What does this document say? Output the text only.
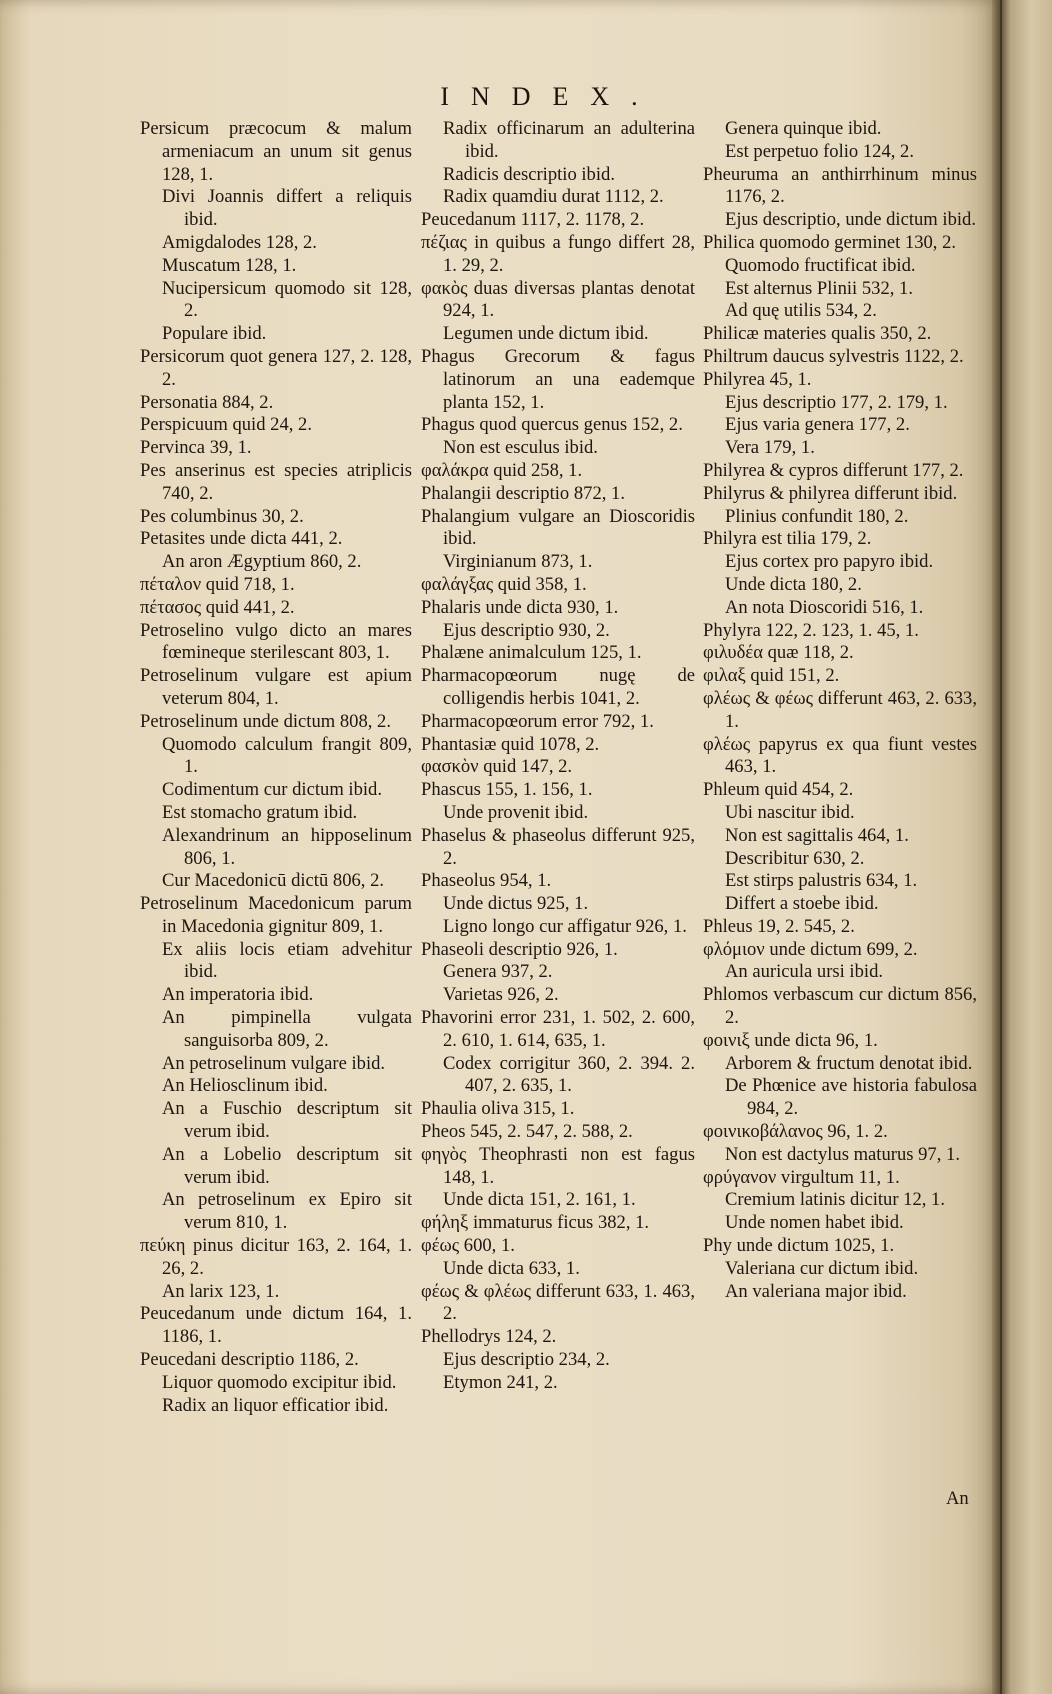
INDEX.
Persicum præcocum & malum armeniacum an unum sit genus 128, 1.
Divi Joannis differt a reliquis ibid.
Amigdalodes 128, 2.
Muscatum 128, 1.
Nucipersicum quomodo sit 128, 2.
Populare ibid.
Persicorum quot genera 127, 2. 128, 2.
Personatia 884, 2.
Perspicuum quid 24, 2.
Pervinca 39, 1.
Pes anserinus est species atriplicis 740, 2.
Pes columbinus 30, 2.
Petasites unde dicta 441, 2.
An aron Ægyptium 860, 2.
πέταλον quid 718, 1.
πέτασος quid 441, 2.
Petroselino vulgo dicto an mares fœmineque sterilescant 803, 1.
Petroselinum vulgare est apium veterum 804, 1.
Petroselinum unde dictum 808, 2.
Quomodo calculum frangit 809, 1.
Codimentum cur dictum ibid.
Est stomacho gratum ibid.
Alexandrinum an hipposelinum 806, 1.
Cur Macedonicū dictū 806, 2.
Petroselinum Macedonicum parum in Macedonia gignitur 809, 1.
Ex aliis locis etiam advehitur ibid.
An imperatoria ibid.
An pimpinella vulgata sanguisorba 809, 2.
An petroselinum vulgare ibid.
An Heliosclinum ibid.
An a Fuschio descriptum sit verum ibid.
An a Lobelio descriptum sit verum ibid.
An petroselinum ex Epiro sit verum 810, 1.
πεύκη pinus dicitur 163, 2. 164, 1. 26, 2.
An larix 123, 1.
Peucedanum unde dictum 164, 1. 1186, 1.
Peucedani descriptio 1186, 2.
Liquor quomodo excipitur ibid.
Radix an liquor efficatior ibid.
Radix officinarum an adulterina ibid.
Radicis descriptio ibid.
Radix quamdiu durat 1112, 2.
Peucedanum 1117, 2. 1178, 2.
πέζιας in quibus a fungo differt 28, 1. 29, 2.
φακὸς duas diversas plantas denotat 924, 1.
Legumen unde dictum ibid.
Phagus Grecorum & fagus latinorum an una eademque planta 152, 1.
Phagus quod quercus genus 152, 2.
Non est esculus ibid.
φαλάκρα quid 258, 1.
Phalangii descriptio 872, 1.
Phalangium vulgare an Dioscoridis ibid.
Virginianum 873, 1.
φαλάγξας quid 358, 1.
Phalaris unde dicta 930, 1.
Ejus descriptio 930, 2.
Phalæne animalculum 125, 1.
Pharmacopœorum nugę de colligendis herbis 1041, 2.
Pharmacopœorum error 792, 1.
Phantasiæ quid 1078, 2.
φασκὸν quid 147, 2.
Phascus 155, 1. 156, 1.
Unde provenit ibid.
Phaselus & phaseolus differunt 925, 2.
Phaseolus 954, 1.
Unde dictus 925, 1.
Ligno longo cur affigatur 926, 1.
Phaseoli descriptio 926, 1.
Genera 937, 2.
Varietas 926, 2.
Phavorini error 231, 1. 502, 2. 600, 2. 610, 1. 614, 635, 1.
Codex corrigitur 360, 2. 394. 2. 407, 2. 635, 1.
Phaulia oliva 315, 1.
Pheos 545, 2. 547, 2. 588, 2.
φηγὸς Theophrasti non est fagus 148, 1.
Unde dicta 151, 2. 161, 1.
φήληξ immaturus ficus 382, 1.
φέως 600, 1.
Unde dicta 633, 1.
φέως & φλέως differunt 633, 1. 463, 2.
Phellodrys 124, 2.
Ejus descriptio 234, 2.
Etymon 241, 2.
Genera quinque ibid.
Est perpetuo folio 124, 2.
Pheuruma an anthirrhinum minus 1176, 2.
Ejus descriptio, unde dictum ibid.
Philica quomodo germinet 130, 2.
Quomodo fructificat ibid.
Est alternus Plinii 532, 1.
Ad quę utilis 534, 2.
Philicæ materies qualis 350, 2.
Philtrum daucus sylvestris 1122, 2.
Philyrea 45, 1.
Ejus descriptio 177, 2. 179, 1.
Ejus varia genera 177, 2.
Vera 179, 1.
Philyrea & cypros differunt 177, 2.
Philyrus & philyrea differunt ibid.
Plinius confundit 180, 2.
Philyra est tilia 179, 2.
Ejus cortex pro papyro ibid.
Unde dicta 180, 2.
An nota Dioscoridi 516, 1.
Phylyra 122, 2. 123, 1. 45, 1.
φιλυδέα quæ 118, 2.
φιλαξ quid 151, 2.
φλέως & φέως differunt 463, 2. 633, 1.
φλέως papyrus ex qua fiunt vestes 463, 1.
Phleum quid 454, 2.
Ubi nascitur ibid.
Non est sagittalis 464, 1.
Describitur 630, 2.
Est stirps palustris 634, 1.
Differt a stoebe ibid.
Phleus 19, 2. 545, 2.
φλόμιον unde dictum 699, 2.
An auricula ursi ibid.
Phlomos verbascum cur dictum 856, 2.
φοινιξ unde dicta 96, 1.
Arborem & fructum denotat ibid.
De Phœnice ave historia fabulosa 984, 2.
φοινικοβάλανος 96, 1. 2.
Non est dactylus maturus 97, 1.
φρύγανον virgultum 11, 1.
Cremium latinis dicitur 12, 1.
Unde nomen habet ibid.
Phy unde dictum 1025, 1.
Valeriana cur dictum ibid.
An valeriana major ibid.
An
